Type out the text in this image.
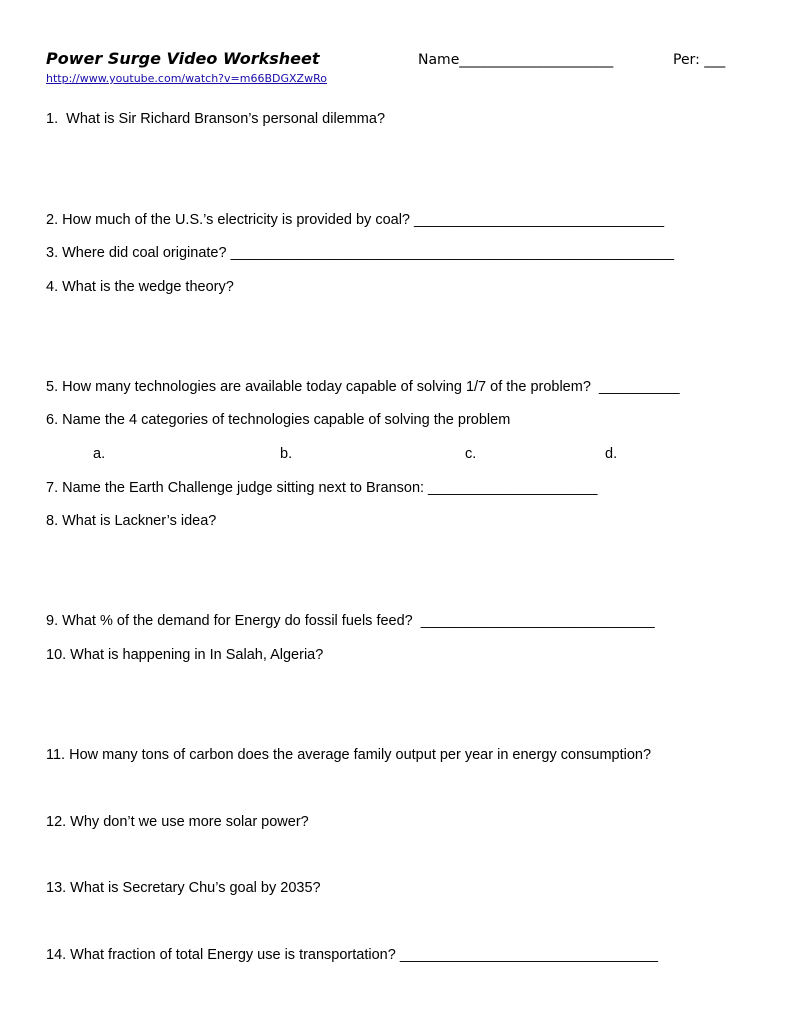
Power Surge Video Worksheet	Name______________________	Per: ___
http://www.youtube.com/watch?v=m66BDGXZwRo
1.  What is Sir Richard Branson’s personal dilemma?
2. How much of the U.S.’s electricity is provided by coal? _______________________________
3. Where did coal originate? _______________________________________________________
4. What is the wedge theory?
5. How many technologies are available today capable of solving 1/7 of the problem?  __________
6. Name the 4 categories of technologies capable of solving the problem
a.	b.	c.	d.
7. Name the Earth Challenge judge sitting next to Branson: _____________________
8. What is Lackner’s idea?
9. What % of the demand for Energy do fossil fuels feed?  _____________________________
10. What is happening in In Salah, Algeria?
11. How many tons of carbon does the average family output per year in energy consumption?
12. Why don’t we use more solar power?
13. What is Secretary Chu’s goal by 2035?
14. What fraction of total Energy use is transportation? ________________________________
